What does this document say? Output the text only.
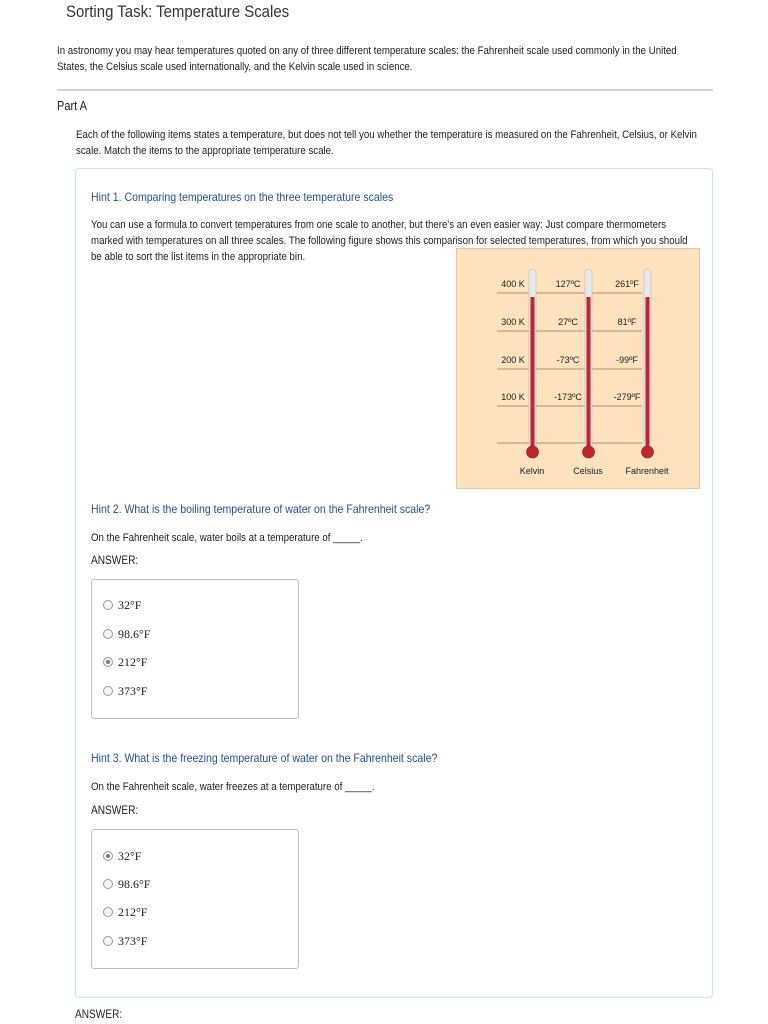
Sorting Task: Temperature Scales
In astronomy you may hear temperatures quoted on any of three different temperature scales: the Fahrenheit scale used commonly in the United States, the Celsius scale used internationally, and the Kelvin scale used in science.
Part A
Each of the following items states a temperature, but does not tell you whether the temperature is measured on the Fahrenheit, Celsius, or Kelvin scale. Match the items to the appropriate temperature scale.
Hint 1. Comparing temperatures on the three temperature scales
You can use a formula to convert temperatures from one scale to another, but there's an even easier way: Just compare thermometers marked with temperatures on all three scales. The following figure shows this comparison for selected temperatures, from which you should be able to sort the list items in the appropriate bin.
400 K	127ºC	261ºF
300 K	27ºC	81ºF
200 K	-73ºC	-99ºF
100 K	-173ºC	-279ºF
Kelvin	Celsius	Fahrenheit
Hint 2. What is the boiling temperature of water on the Fahrenheit scale?
On the Fahrenheit scale, water boils at a temperature of _____.
ANSWER:
32°F
98.6°F
212°F
373°F
Hint 3. What is the freezing temperature of water on the Fahrenheit scale?
On the Fahrenheit scale, water freezes at a temperature of _____.
ANSWER:
32°F
98.6°F
212°F
373°F
ANSWER:
